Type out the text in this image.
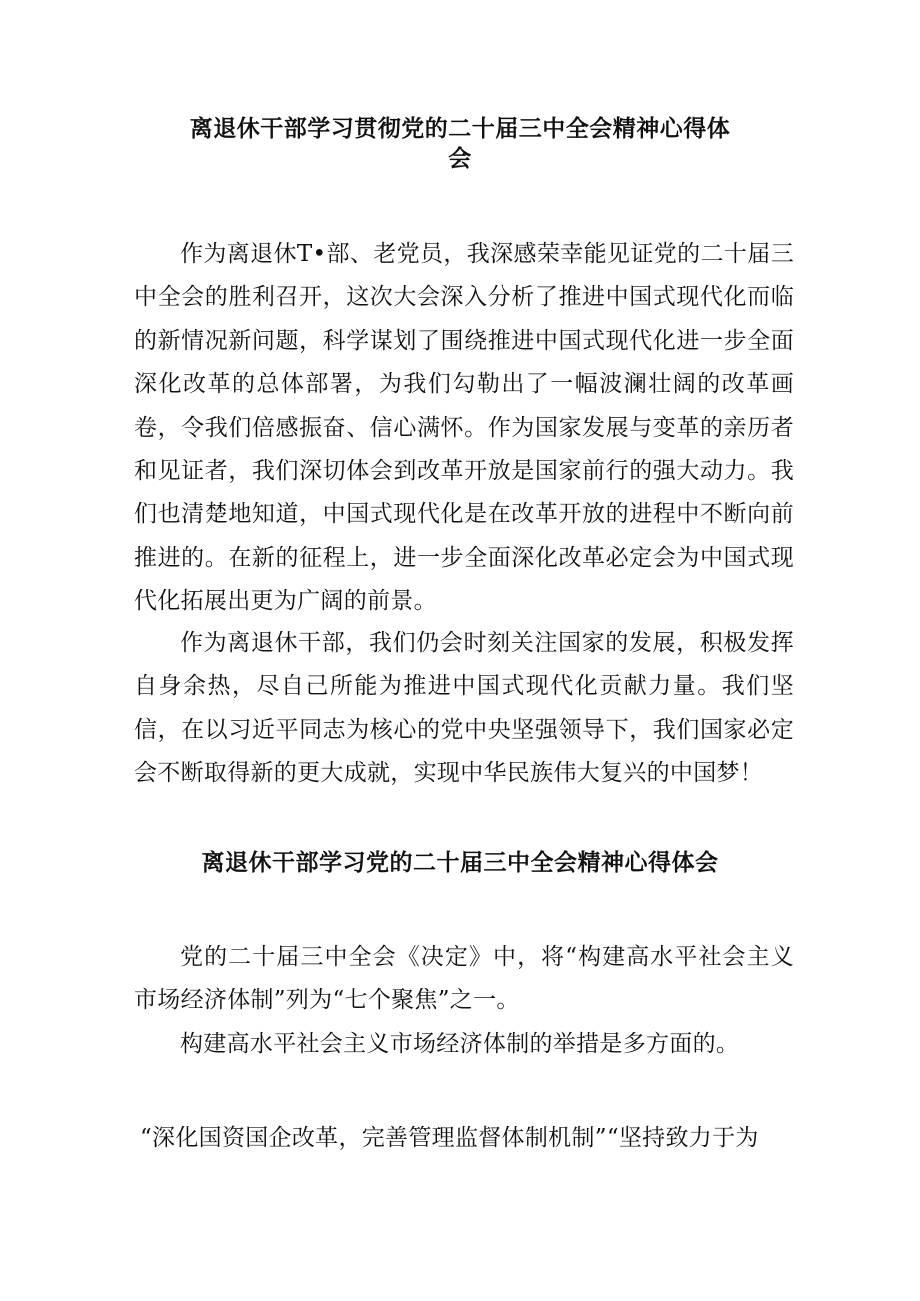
离退休干部学习贯彻党的二十届三中全会精神心得体
会

作为离退休T•部、老党员，我深感荣幸能见证党的二十届三中全会的胜利召开，这次大会深入分析了推进中国式现代化而临的新情况新问题，科学谋划了围绕推进中国式现代化进一步全面深化改革的总体部署，为我们勾勒出了一幅波澜壮阔的改革画卷，令我们倍感振奋、信心满怀。作为国家发展与变革的亲历者和见证者，我们深切体会到改革开放是国家前行的强大动力。我们也清楚地知道，中国式现代化是在改革开放的进程中不断向前推进的。在新的征程上，进一步全面深化改革必定会为中国式现代化拓展出更为广阔的前景。

作为离退休干部，我们仍会时刻关注国家的发展，积极发挥自身余热，尽自己所能为推进中国式现代化贡献力量。我们坚信，在以习近平同志为核心的党中央坚强领导下，我们国家必定会不断取得新的更大成就，实现中华民族伟大复兴的中国梦！

离退休干部学习党的二十届三中全会精神心得体会

党的二十届三中全会《决定》中，将“构建高水平社会主义市场经济体制”列为“七个聚焦”之一。

构建高水平社会主义市场经济体制的举措是多方面的。

“深化国资国企改革，完善管理监督体制机制”“坚持致力于为
